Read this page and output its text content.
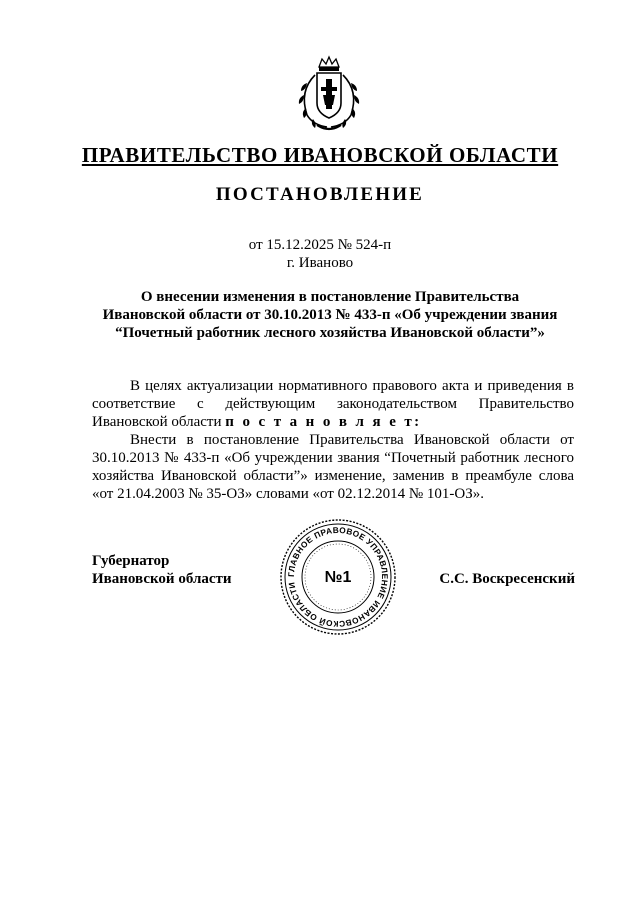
ПРАВИТЕЛЬСТВО ИВАНОВСКОЙ ОБЛАСТИ
ПОСТАНОВЛЕНИЕ
от 15.12.2025 № 524-п
г. Иваново
О внесении изменения в постановление Правительства
Ивановской области от 30.10.2013 № 433-п «Об учреждении звания
“Почетный работник лесного хозяйства Ивановской области”»

В целях актуализации нормативного правового акта и приведения в соответствие с действующим законодательством Правительство Ивановской области п о с т а н о в л я е т:

Внести в постановление Правительства Ивановской области от 30.10.2013 № 433-п «Об учреждении звания “Почетный работник лесного хозяйства Ивановской области”» изменение, заменив в преамбуле слова «от 21.04.2003 № 35-ОЗ» словами «от 02.12.2014 № 101-ОЗ».

Губернатор
Ивановской области	ГЛАВНОЕ ПРАВОВОЕ УПРАВЛЕНИЕ ИВАНОВСКОЙ ОБЛАСТИ	№1	С.С. Воскресенский
